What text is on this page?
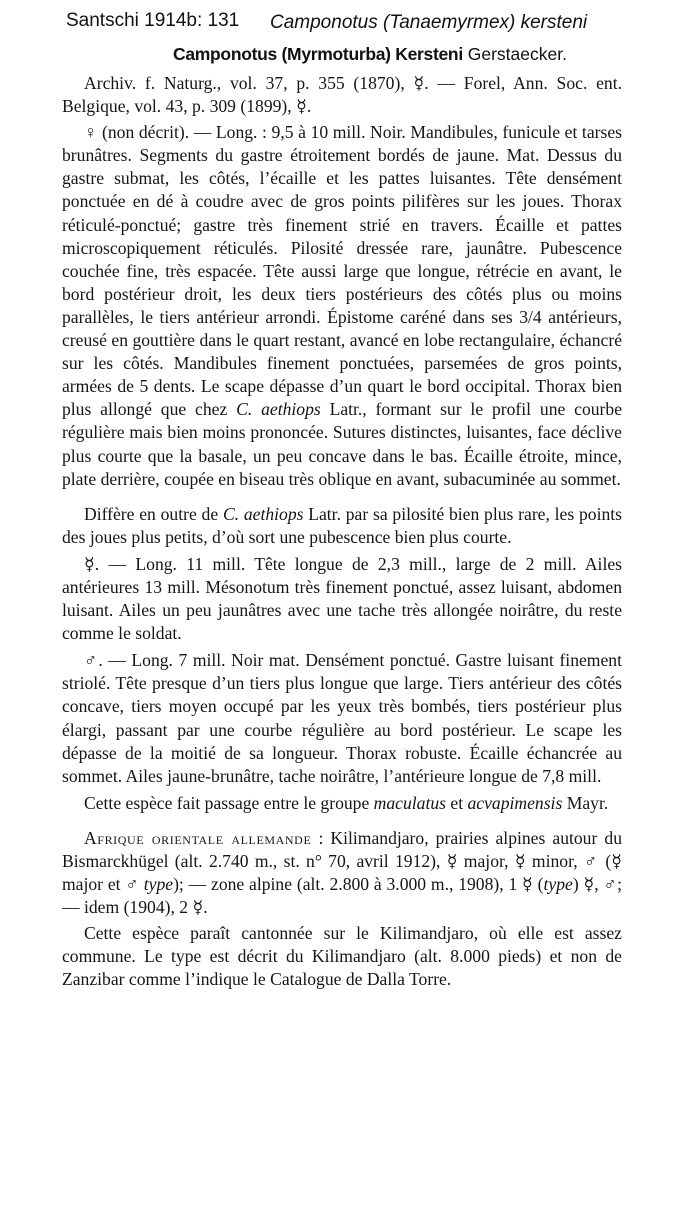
Santschi 1914b: 131 Camponotus (Tanaemyrmex) kersteni
Camponotus (Myrmoturba) Kersteni Gerstaecker.

Archiv. f. Naturg., vol. 37, p. 355 (1870), ☿. — Forel, Ann. Soc. ent. Belgique, vol. 43, p. 309 (1899), ☿.

♀ (non décrit). — Long. : 9,5 à 10 mill. Noir. Mandibules, funicule et tarses brunâtres. Segments du gastre étroitement bordés de jaune. Mat. Dessus du gastre submat, les côtés, l’écaille et les pattes luisantes. Tête densément ponctuée en dé à coudre avec de gros points pilifères sur les joues. Thorax réticulé-ponctué; gastre très finement strié en travers. Écaille et pattes microscopiquement réticulés. Pilosité dressée rare, jaunâtre. Pubescence couchée fine, très espacée. Tête aussi large que longue, rétrécie en avant, le bord postérieur droit, les deux tiers postérieurs des côtés plus ou moins parallèles, le tiers antérieur arrondi. Épistome caréné dans ses 3/4 antérieurs, creusé en gouttière dans le quart restant, avancé en lobe rectangulaire, échancré sur les côtés. Mandibules finement ponctuées, parsemées de gros points, armées de 5 dents. Le scape dépasse d’un quart le bord occipital. Thorax bien plus allongé que chez C. aethiops Latr., formant sur le profil une courbe régulière mais bien moins prononcée. Sutures distinctes, luisantes, face déclive plus courte que la basale, un peu concave dans le bas. Écaille étroite, mince, plate derrière, coupée en biseau très oblique en avant, subacuminée au sommet.

Diffère en outre de C. aethiops Latr. par sa pilosité bien plus rare, les points des joues plus petits, d’où sort une pubescence bien plus courte.

☿. — Long. 11 mill. Tête longue de 2,3 mill., large de 2 mill. Ailes antérieures 13 mill. Mésonotum très finement ponctué, assez luisant, abdomen luisant. Ailes un peu jaunâtres avec une tache très allongée noirâtre, du reste comme le soldat.

♂. — Long. 7 mill. Noir mat. Densément ponctué. Gastre luisant finement striolé. Tête presque d’un tiers plus longue que large. Tiers antérieur des côtés concave, tiers moyen occupé par les yeux très bombés, tiers postérieur plus élargi, passant par une courbe régulière au bord postérieur. Le scape les dépasse de la moitié de sa longueur. Thorax robuste. Écaille échancrée au sommet. Ailes jaune-brunâtre, tache noirâtre, l’antérieure longue de 7,8 mill.

Cette espèce fait passage entre le groupe maculatus et acvapimensis Mayr.

Afrique orientale allemande : Kilimandjaro, prairies alpines autour du Bismarckhügel (alt. 2.740 m., st. n° 70, avril 1912), ☿ major, ☿ minor, ♂ (☿ major et ♂ type); — zone alpine (alt. 2.800 à 3.000 m., 1908), 1 ☿ (type) ☿, ♂; — idem (1904), 2 ☿.

Cette espèce paraît cantonnée sur le Kilimandjaro, où elle est assez commune. Le type est décrit du Kilimandjaro (alt. 8.000 pieds) et non de Zanzibar comme l’indique le Catalogue de Dalla Torre.
